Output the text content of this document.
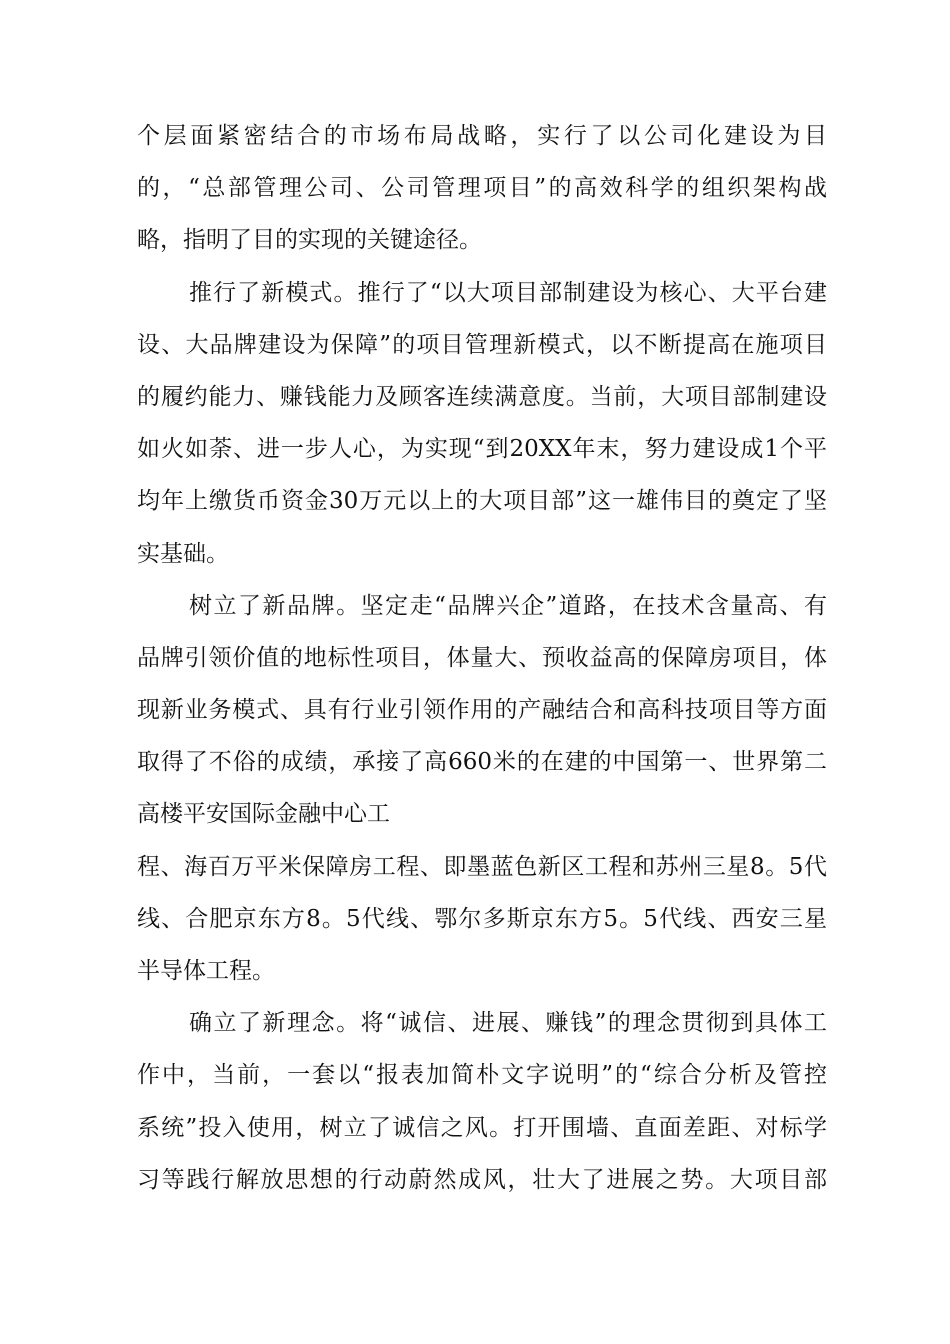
个层面紧密结合的市场布局战略，实行了以公司化建设为目
的，“总部管理公司、公司管理项目”的高效科学的组织架构战
略，指明了目的实现的关键途径。
推行了新模式。推行了“以大项目部制建设为核心、大平台建
设、大品牌建设为保障”的项目管理新模式，以不断提高在施项目
的履约能力、赚钱能力及顾客连续满意度。当前，大项目部制建设
如火如荼、进一步人心，为实现“到20XX年末，努力建设成1个平
均年上缴货币资金30万元以上的大项目部”这一雄伟目的奠定了坚
实基础。
树立了新品牌。坚定走“品牌兴企”道路，在技术含量高、有
品牌引领价值的地标性项目，体量大、预收益高的保障房项目，体
现新业务模式、具有行业引领作用的产融结合和高科技项目等方面
取得了不俗的成绩，承接了高660米的在建的中国第一、世界第二
高楼平安国际金融中心工
程、海百万平米保障房工程、即墨蓝色新区工程和苏州三星8。5代
线、合肥京东方8。5代线、鄂尔多斯京东方5。5代线、西安三星
半导体工程。
确立了新理念。将“诚信、进展、赚钱”的理念贯彻到具体工
作中，当前，一套以“报表加简朴文字说明”的“综合分析及管控
系统”投入使用，树立了诚信之风。打开围墙、直面差距、对标学
习等践行解放思想的行动蔚然成风，壮大了进展之势。大项目部
